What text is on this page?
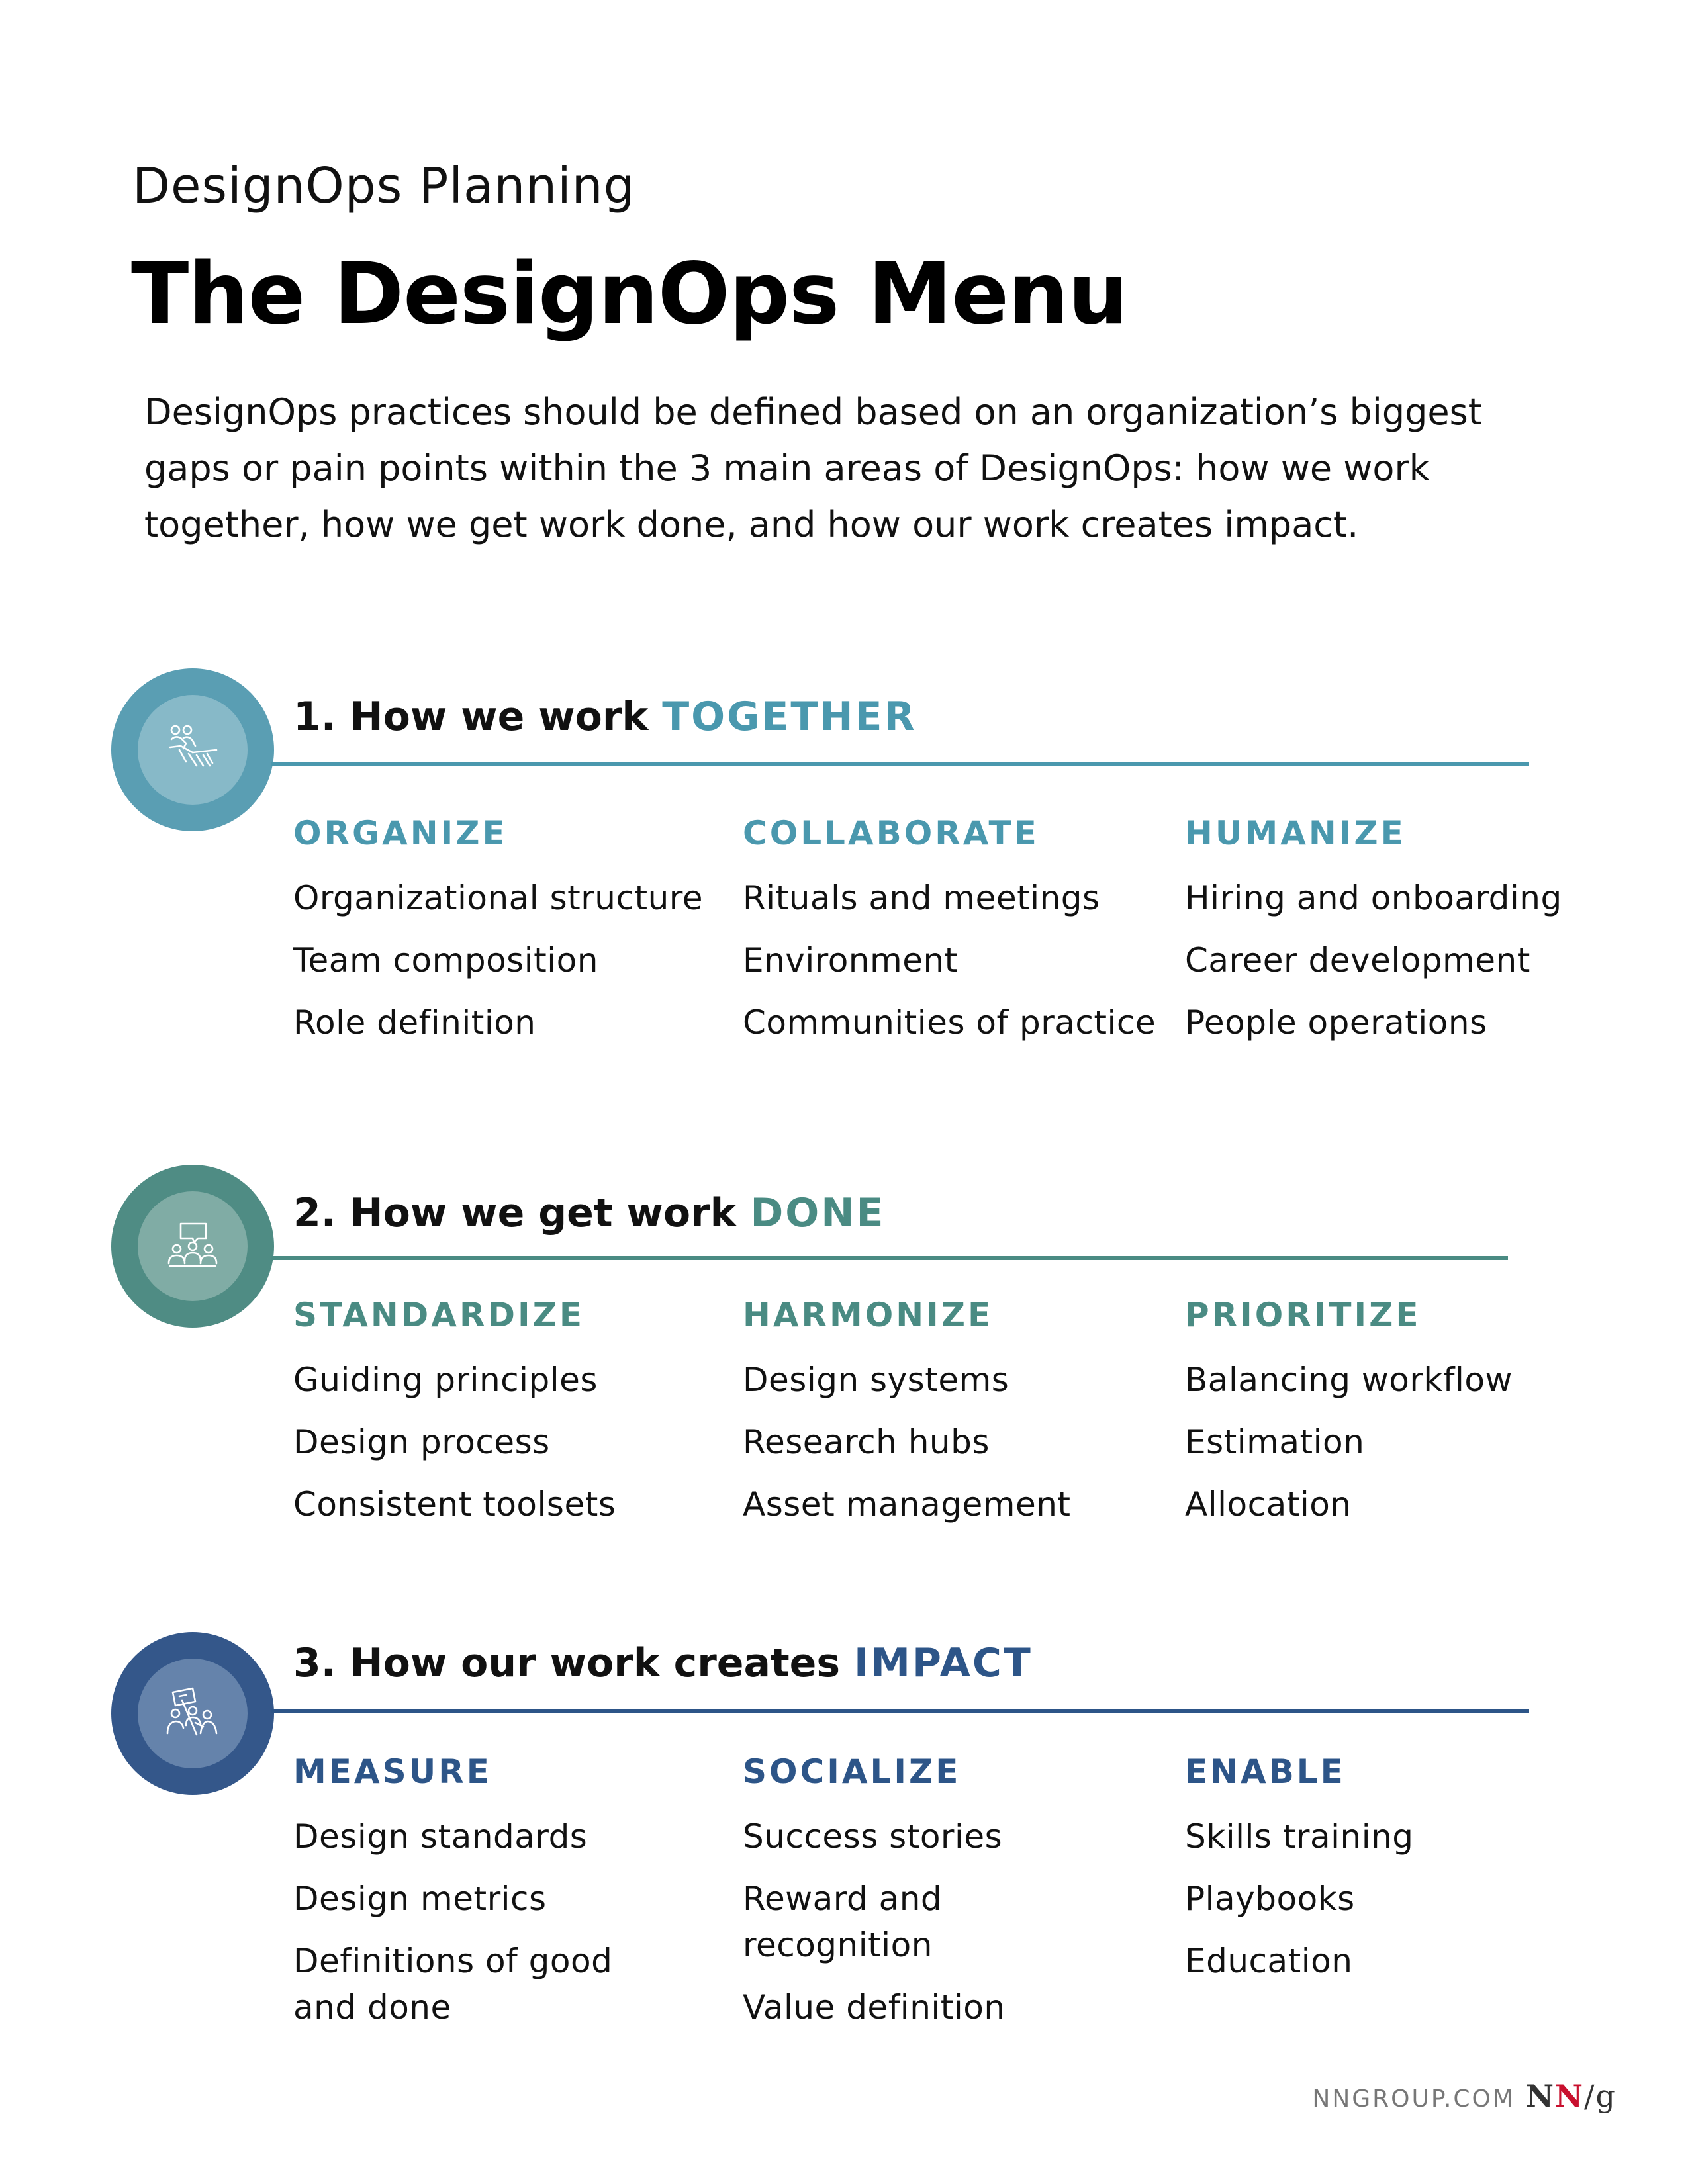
DesignOps Planning
The DesignOps Menu
DesignOps practices should be defined based on an organization’s biggest
gaps or pain points within the 3 main areas of DesignOps: how we work
together, how we get work done, and how our work creates impact.
1. How we work TOGETHER
ORGANIZE
Organizational structure
Team composition
Role definition
COLLABORATE
Rituals and meetings
Environment
Communities of practice
HUMANIZE
Hiring and onboarding
Career development
People operations
2. How we get work DONE
STANDARDIZE
Guiding principles
Design process
Consistent toolsets
HARMONIZE
Design systems
Research hubs
Asset management
PRIORITIZE
Balancing workflow
Estimation
Allocation
3. How our work creates IMPACT
MEASURE
Design standards
Design metrics
Definitions of good and done
SOCIALIZE
Success stories
Reward and recognition
Value definition
ENABLE
Skills training
Playbooks
Education
NNGROUP.COM NN/g
